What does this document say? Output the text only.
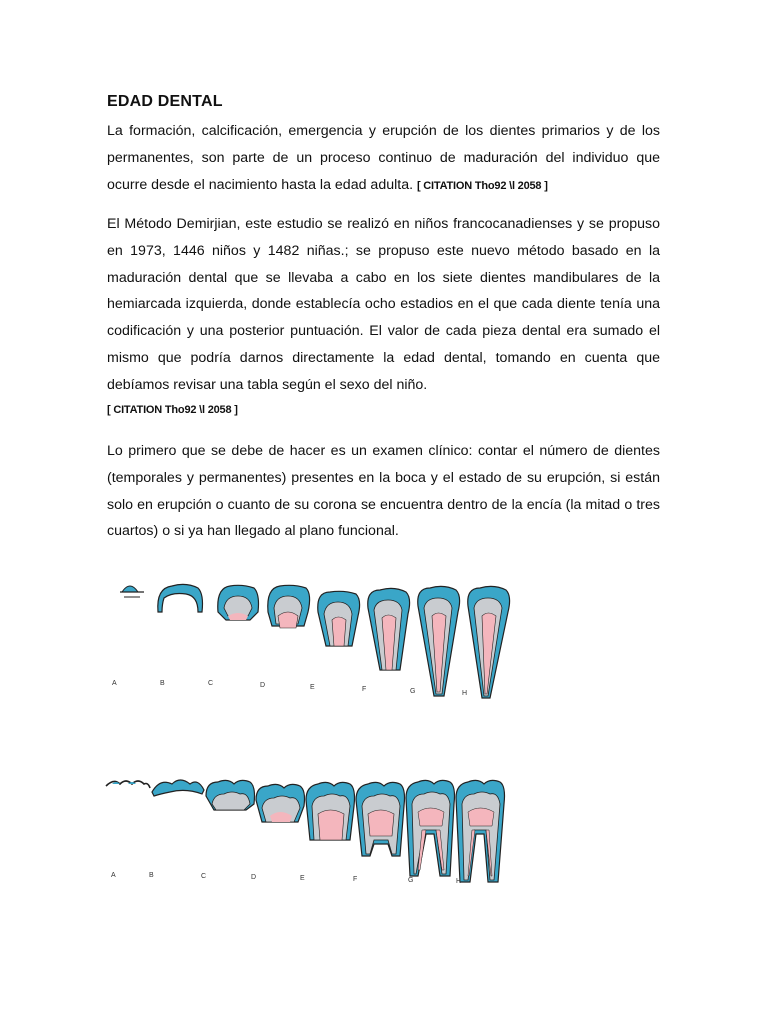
EDAD DENTAL

La formación, calcificación, emergencia y erupción de los dientes primarios y de los permanentes, son parte de un proceso continuo de maduración del individuo que ocurre desde el nacimiento hasta la edad adulta. [ CITATION Tho92 \l 2058 ]

El Método Demirjian, este estudio se realizó en niños francocanadienses y se propuso en 1973, 1446 niños y 1482 niñas.; se propuso este nuevo método basado en la maduración dental que se llevaba a cabo en los siete dientes mandibulares de la hemiarcada izquierda, donde establecía ocho estadios en el que cada diente tenía una codificación y una posterior puntuación. El valor de cada pieza dental era sumado el mismo que podría darnos directamente la edad dental, tomando en cuenta que debíamos revisar una tabla según el sexo del niño.
[ CITATION Tho92 \l 2058 ]

Lo primero que se debe de hacer es un examen clínico: contar el número de dientes (temporales y permanentes) presentes en la boca y el estado de su erupción, si están solo en erupción o cuanto de su corona se encuentra dentro de la encía (la mitad o tres cuartos) o si ya han llegado al plano funcional.

A	B	C	D	E	F	G	H
A	B	C	D	E	F	G	H
